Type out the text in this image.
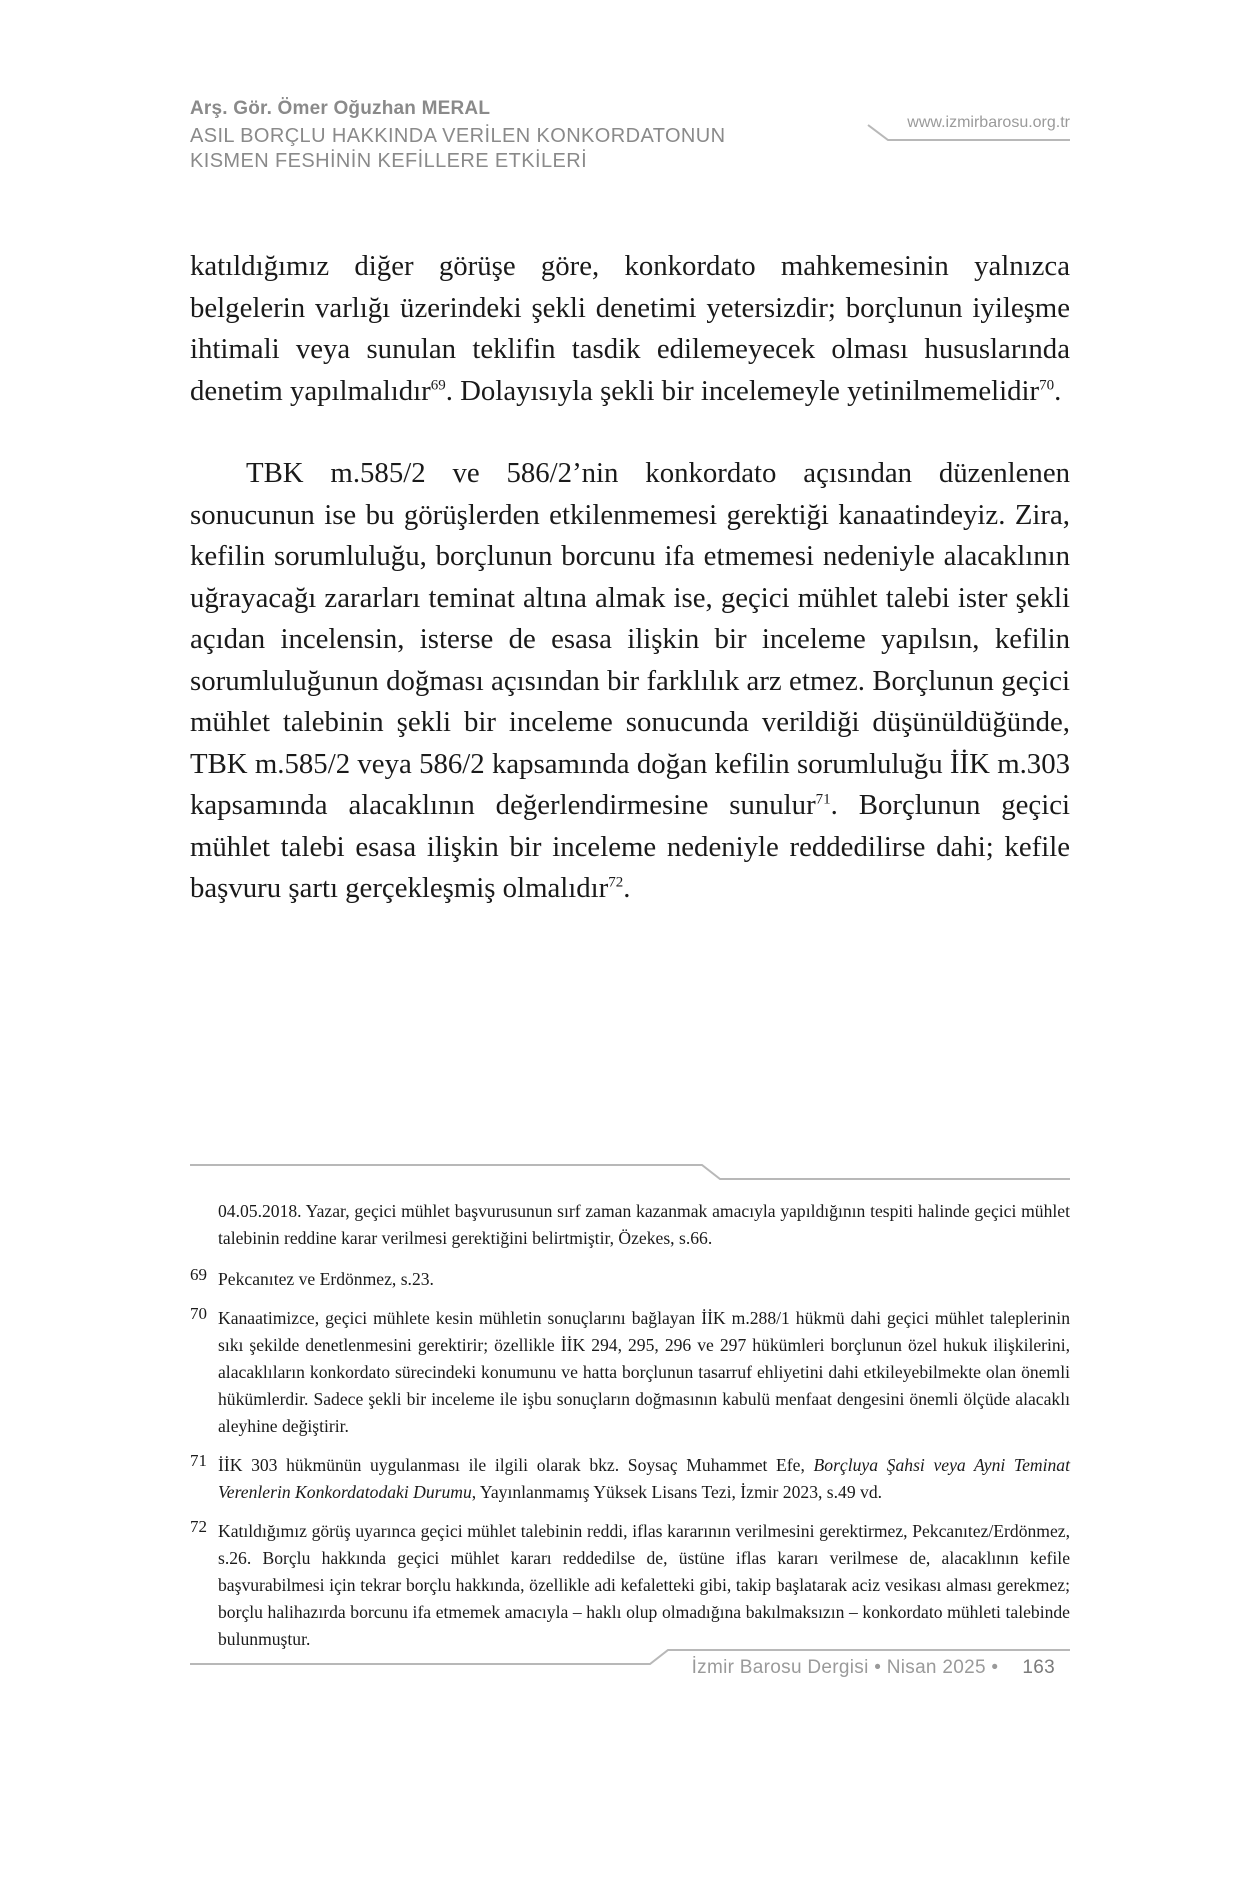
Arş. Gör. Ömer Oğuzhan MERAL
ASIL BORÇLU HAKKINDA VERİLEN KONKORDATONUN
KISMEN FESHİNİN KEFİLLERE ETKİLERİ
www.izmirbarosu.org.tr

katıldığımız diğer görüşe göre, konkordato mahkemesinin yalnızca belgelerin varlığı üzerindeki şekli denetimi yetersizdir; borçlunun iyileşme ihtimali veya sunulan teklifin tasdik edilemeyecek olması hususlarında denetim yapılmalıdır$^{69}$. Dolayısıyla şekli bir incelemeyle yetinilmemelidir$^{70}$.

TBK m.585/2 ve 586/2’nin konkordato açısından düzenlenen sonucunun ise bu görüşlerden etkilenmemesi gerektiği kanaatindeyiz. Zira, kefilin sorumluluğu, borçlunun borcunu ifa etmemesi nedeniyle alacaklının uğrayacağı zararları teminat altına almak ise, geçici mühlet talebi ister şekli açıdan incelensin, isterse de esasa ilişkin bir inceleme yapılsın, kefilin sorumluluğunun doğması açısından bir farklılık arz etmez. Borçlunun geçici mühlet talebinin şekli bir inceleme sonucunda verildiği düşünüldüğünde, TBK m.585/2 veya 586/2 kapsamında doğan kefilin sorumluluğu İİK m.303 kapsamında alacaklının değerlendirmesine sunulur$^{71}$. Borçlunun geçici mühlet talebi esasa ilişkin bir inceleme nedeniyle reddedilirse dahi; kefile başvuru şartı gerçekleşmiş olmalıdır$^{72}$.

04.05.2018. Yazar, geçici mühlet başvurusunun sırf zaman kazanmak amacıyla yapıldığının tespiti halinde geçici mühlet talebinin reddine karar verilmesi gerektiğini belirtmiştir, Özekes, s.66.

69 Pekcanıtez ve Erdönmez, s.23.

70 Kanaatimizce, geçici mühlete kesin mühletin sonuçlarını bağlayan İİK m.288/1 hükmü dahi geçici mühlet taleplerinin sıkı şekilde denetlenmesini gerektirir; özellikle İİK 294, 295, 296 ve 297 hükümleri borçlunun özel hukuk ilişkilerini, alacaklıların konkordato sürecindeki konumunu ve hatta borçlunun tasarruf ehliyetini dahi etkileyebilmekte olan önemli hükümlerdir. Sadece şekli bir inceleme ile işbu sonuçların doğmasının kabulü menfaat dengesini önemli ölçüde alacaklı aleyhine değiştirir.

71 İİK 303 hükmünün uygulanması ile ilgili olarak bkz. Soysaç Muhammet Efe, Borçluya Şahsi veya Ayni Teminat Verenlerin Konkordatodaki Durumu, Yayınlanmamış Yüksek Lisans Tezi, İzmir 2023, s.49 vd.

72 Katıldığımız görüş uyarınca geçici mühlet talebinin reddi, iflas kararının verilmesini gerektirmez, Pekcanıtez/Erdönmez, s.26. Borçlu hakkında geçici mühlet kararı reddedilse de, üstüne iflas kararı verilmese de, alacaklının kefile başvurabilmesi için tekrar borçlu hakkında, özellikle adi kefaletteki gibi, takip başlatarak aciz vesikası alması gerekmez; borçlu halihazırda borcunu ifa etmemek amacıyla – haklı olup olmadığına bakılmaksızın – konkordato mühleti talebinde bulunmuştur.

İzmir Barosu Dergisi • Nisan 2025 • 163
